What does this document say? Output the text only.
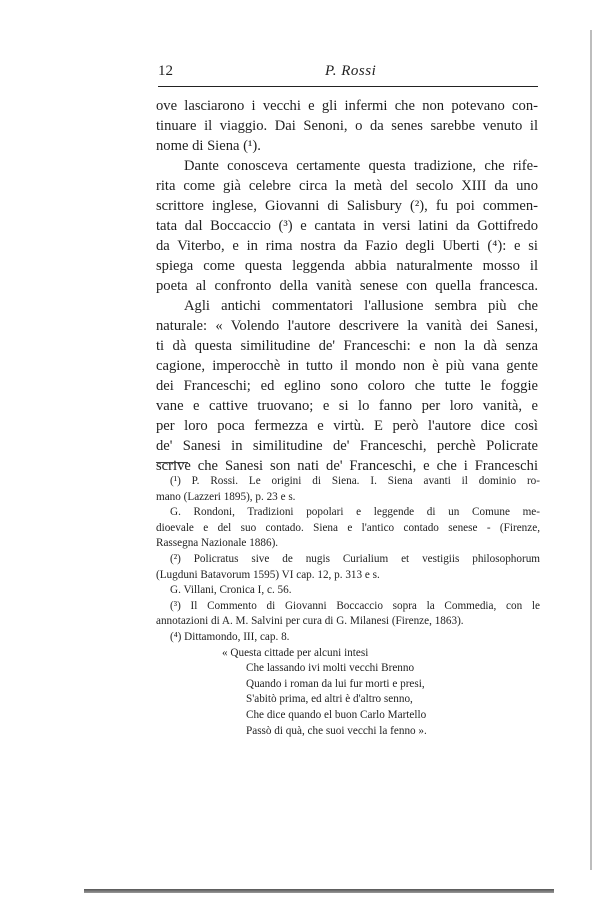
12	P. Rossi
ove lasciarono i vecchi e gli infermi che non potevano con-
tinuare il viaggio. Dai Senoni, o da senes sarebbe venuto il
nome di Siena (¹).
Dante conosceva certamente questa tradizione, che rife-
rita come già celebre circa la metà del secolo XIII da uno
scrittore inglese, Giovanni di Salisbury (²), fu poi commen-
tata dal Boccaccio (³) e cantata in versi latini da Gottifredo
da Viterbo, e in rima nostra da Fazio degli Uberti (⁴): e si
spiega come questa leggenda abbia naturalmente mosso il
poeta al confronto della vanità senese con quella francesca.
Agli antichi commentatori l'allusione sembra più che
naturale: « Volendo l'autore descrivere la vanità dei Sanesi,
ti dà questa similitudine de' Franceschi: e non la dà senza
cagione, imperocchè in tutto il mondo non è più vana gente
dei Franceschi; ed eglino sono coloro che tutte le foggie
vane e cattive truovano; e si lo fanno per loro vanità, e
per loro poca fermezza e virtù. E però l'autore dice così
de' Sanesi in similitudine de' Franceschi, perchè Policrate
scrive che Sanesi son nati de' Franceschi, e che i Franceschi
(¹) P. Rossi. Le origini di Siena. I. Siena avanti il dominio ro-
mano (Lazzeri 1895), p. 23 e s.
G. Rondoni, Tradizioni popolari e leggende di un Comune me-
dioevale e del suo contado. Siena e l'antico contado senese - (Firenze,
Rassegna Nazionale 1886).
(²) Policratus sive de nugis Curialium et vestigiis philosophorum
(Lugduni Batavorum 1595) VI cap. 12, p. 313 e s.
G. Villani, Cronica I, c. 56.
(³) Il Commento di Giovanni Boccaccio sopra la Commedia, con le
annotazioni di A. M. Salvini per cura di G. Milanesi (Firenze, 1863).
(⁴) Dittamondo, III, cap. 8.
« Questa cittade per alcuni intesi
Che lassando ivi molti vecchi Brenno
Quando i roman da lui fur morti e presi,
S'abitò prima, ed altri è d'altro senno,
Che dice quando el buon Carlo Martello
Passò di quà, che suoi vecchi la fenno ».
